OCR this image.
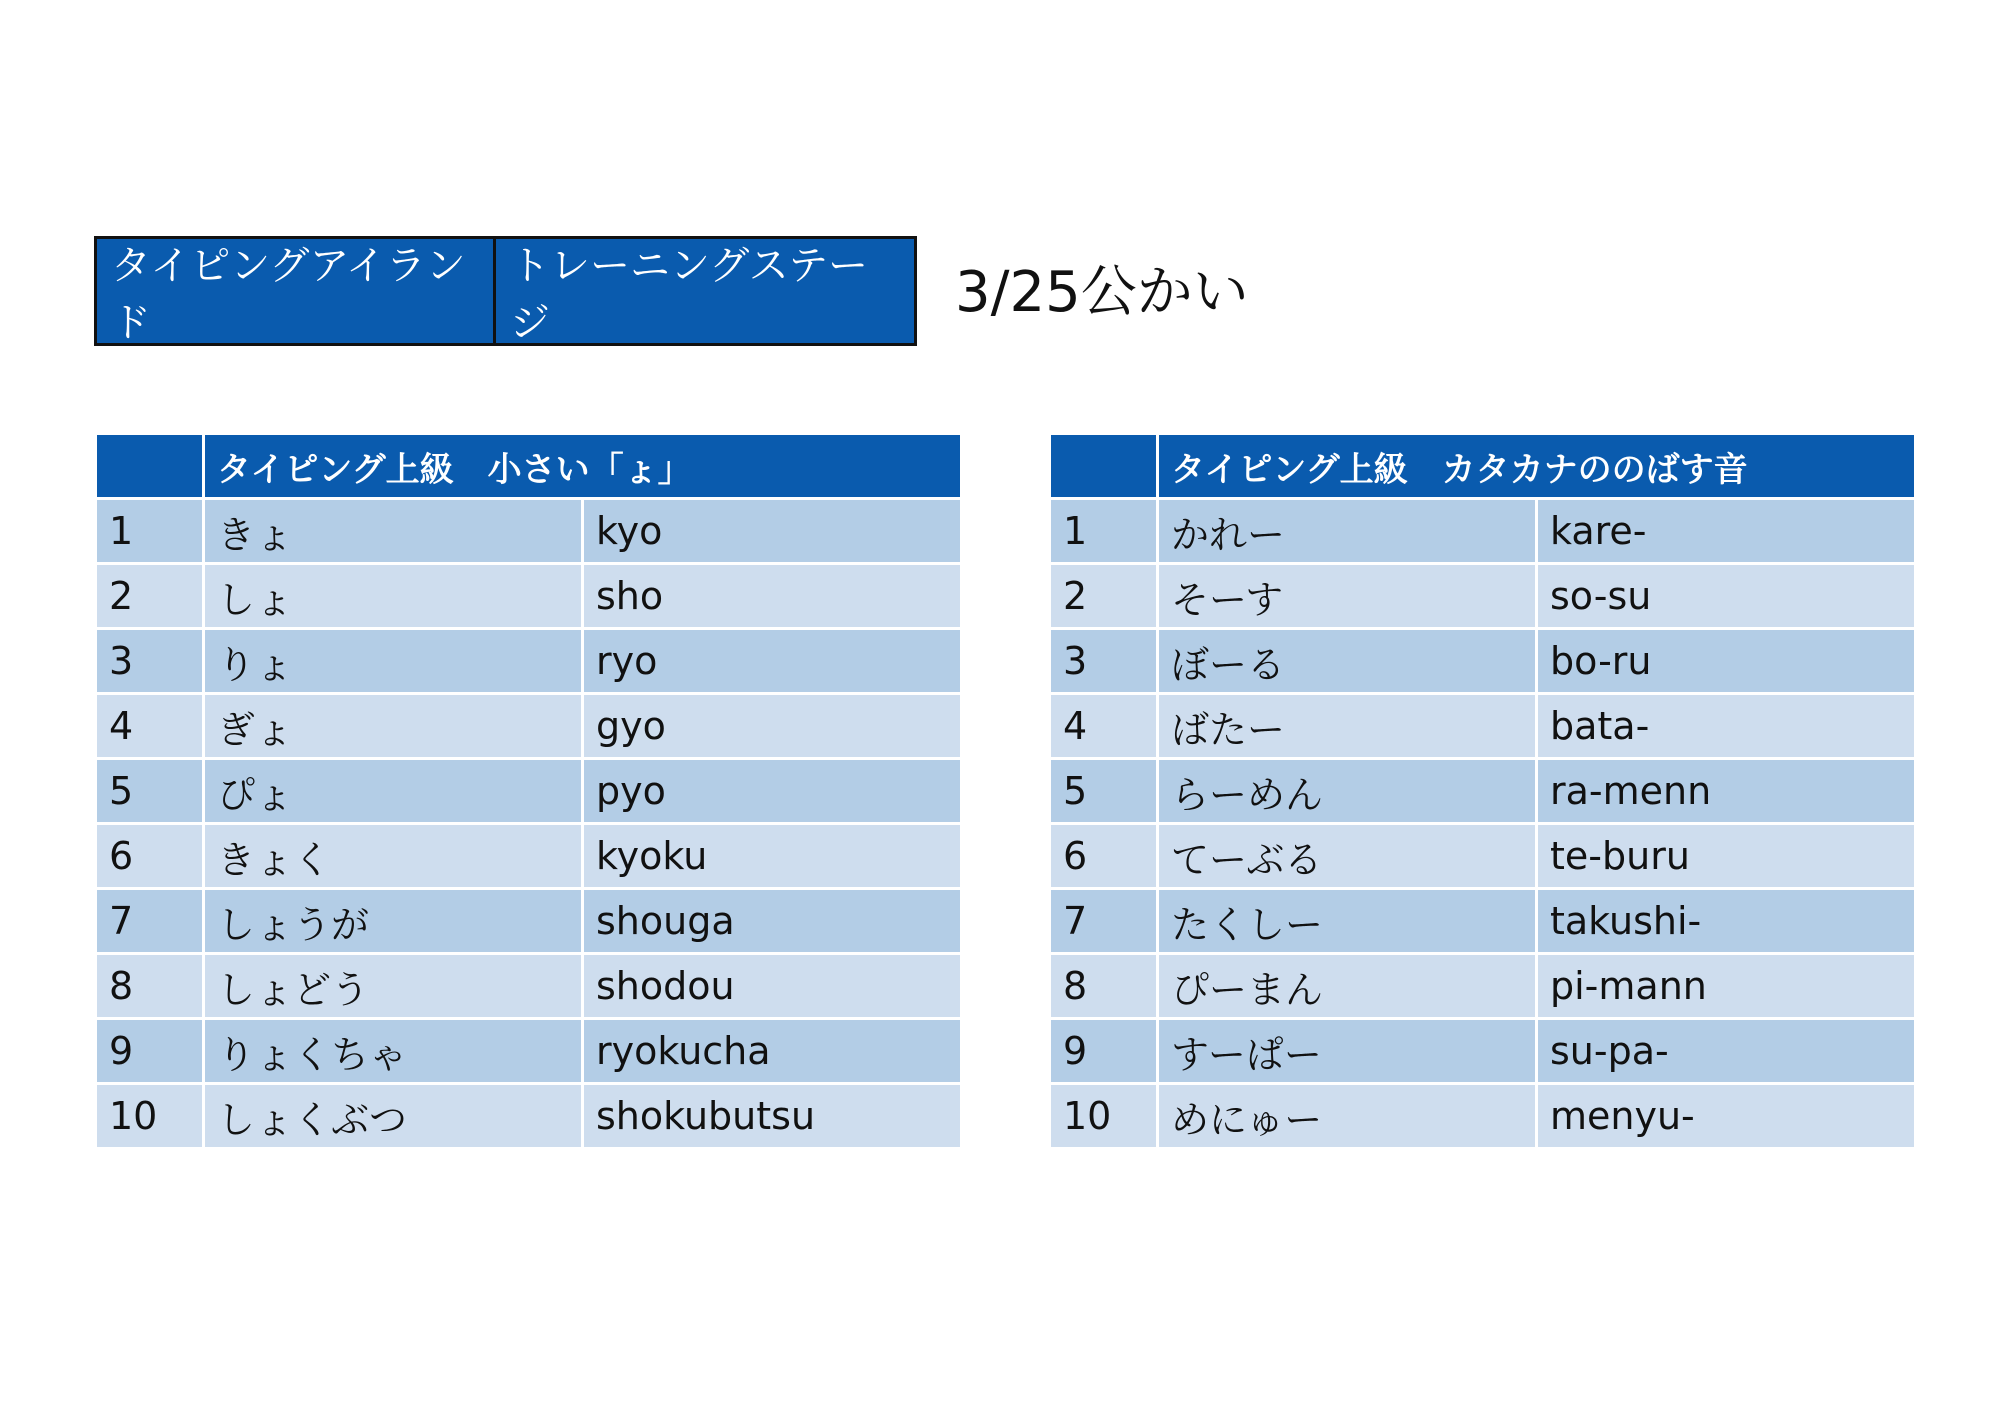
タイピングアイランド
トレーニングステージ	3/25公かい
	タイピング上級　小さい「ょ」	
1	きょ	kyo
2	しょ	sho
3	りょ	ryo
4	ぎょ	gyo
5	ぴょ	pyo
6	きょく	kyoku
7	しょうが	shouga
8	しょどう	shodou
9	りょくちゃ	ryokucha
10	しょくぶつ	shokubutsu
	タイピング上級　カタカナののばす音	
1	かれー	kare-
2	そーす	so-su
3	ぼーる	bo-ru
4	ばたー	bata-
5	らーめん	ra-menn
6	てーぶる	te-buru
7	たくしー	takushi-
8	ぴーまん	pi-mann
9	すーぱー	su-pa-
10	めにゅー	menyu-
